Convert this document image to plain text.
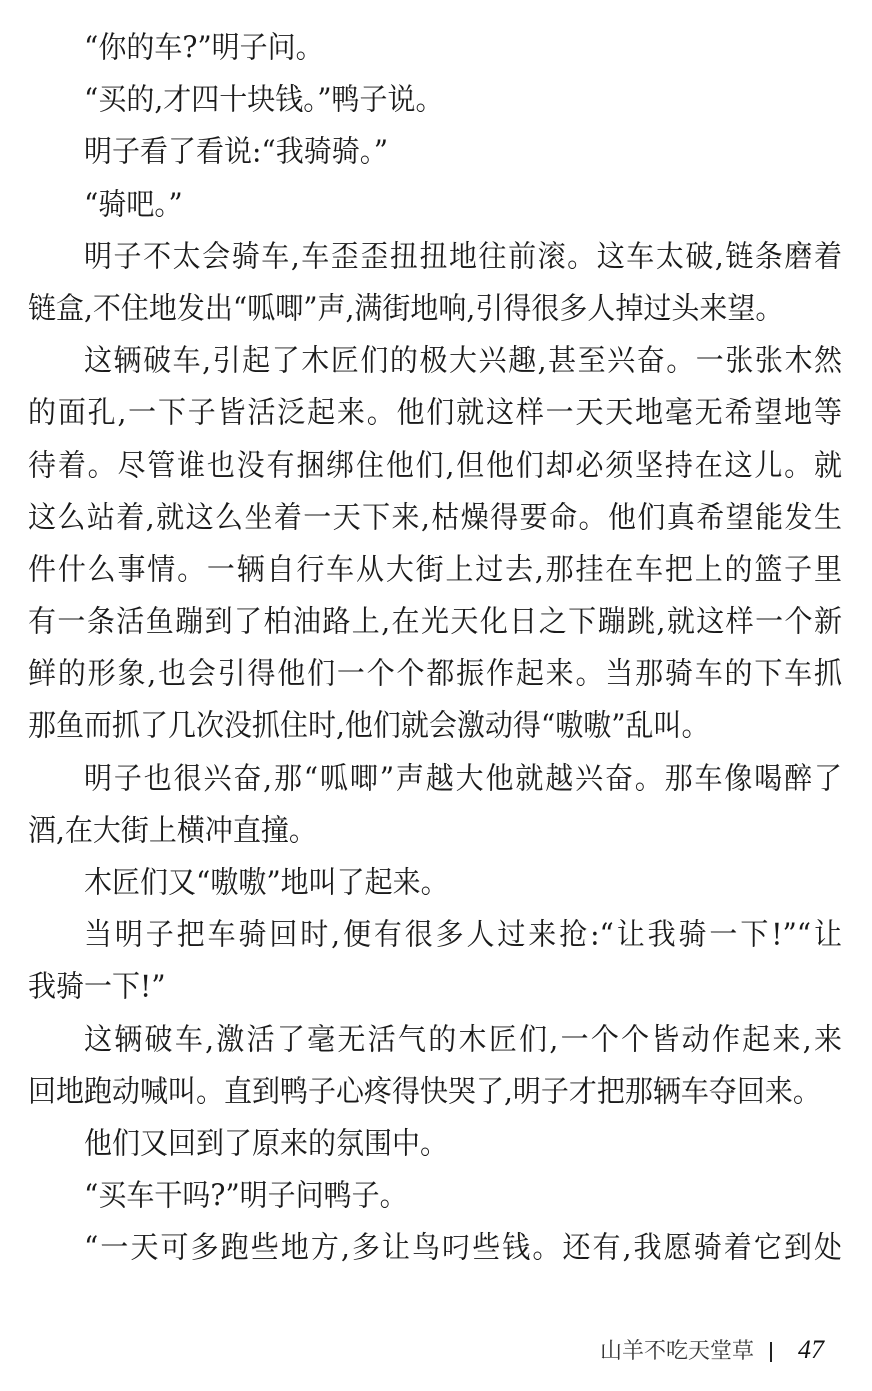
“你的车?”明子问。
“买的,才四十块钱。”鸭子说。
明子看了看说:“我骑骑。”
“骑吧。”
明子不太会骑车,车歪歪扭扭地往前滚。这车太破,链条磨着
链盒,不住地发出“呱唧”声,满街地响,引得很多人掉过头来望。
这辆破车,引起了木匠们的极大兴趣,甚至兴奋。一张张木然
的面孔,一下子皆活泛起来。他们就这样一天天地毫无希望地等
待着。尽管谁也没有捆绑住他们,但他们却必须坚持在这儿。就
这么站着,就这么坐着一天下来,枯燥得要命。他们真希望能发生
件什么事情。一辆自行车从大街上过去,那挂在车把上的篮子里
有一条活鱼蹦到了柏油路上,在光天化日之下蹦跳,就这样一个新
鲜的形象,也会引得他们一个个都振作起来。当那骑车的下车抓
那鱼而抓了几次没抓住时,他们就会激动得“嗷嗷”乱叫。
明子也很兴奋,那“呱唧”声越大他就越兴奋。那车像喝醉了
酒,在大街上横冲直撞。
木匠们又“嗷嗷”地叫了起来。
当明子把车骑回时,便有很多人过来抢:“让我骑一下!”“让
我骑一下!”
这辆破车,激活了毫无活气的木匠们,一个个皆动作起来,来
回地跑动喊叫。直到鸭子心疼得快哭了,明子才把那辆车夺回来。
他们又回到了原来的氛围中。
“买车干吗?”明子问鸭子。
“一天可多跑些地方,多让鸟叼些钱。还有,我愿骑着它到处
山羊不吃天堂草 47
